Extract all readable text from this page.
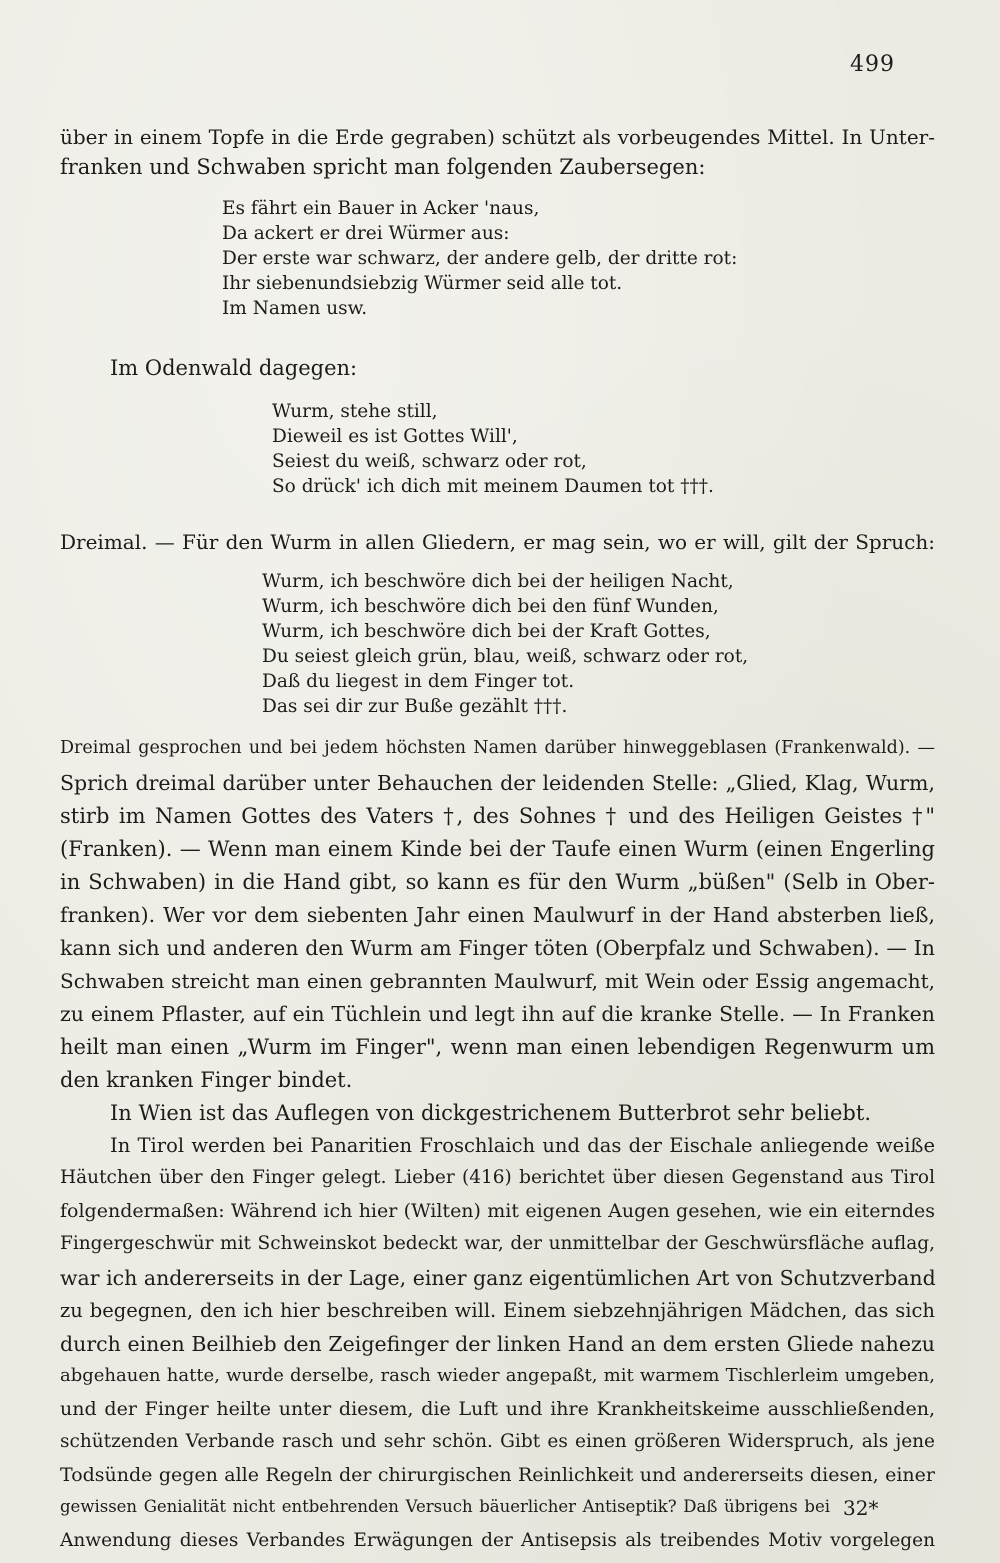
499
über in einem Topfe in die Erde gegraben) schützt als vorbeugendes Mittel. In Unter-
franken und Schwaben spricht man folgenden Zaubersegen:
Es fährt ein Bauer in Acker 'naus,
Da ackert er drei Würmer aus:
Der erste war schwarz, der andere gelb, der dritte rot:
Ihr siebenundsiebzig Würmer seid alle tot.
Im Namen usw.
Im Odenwald dagegen:
Wurm, stehe still,
Dieweil es ist Gottes Will',
Seiest du weiß, schwarz oder rot,
So drück' ich dich mit meinem Daumen tot †††.
Dreimal. — Für den Wurm in allen Gliedern, er mag sein, wo er will, gilt der Spruch:
Wurm, ich beschwöre dich bei der heiligen Nacht,
Wurm, ich beschwöre dich bei den fünf Wunden,
Wurm, ich beschwöre dich bei der Kraft Gottes,
Du seiest gleich grün, blau, weiß, schwarz oder rot,
Daß du liegest in dem Finger tot.
Das sei dir zur Buße gezählt †††.
Dreimal gesprochen und bei jedem höchsten Namen darüber hinweggeblasen (Frankenwald). —
Sprich dreimal darüber unter Behauchen der leidenden Stelle: „Glied, Klag, Wurm,
stirb im Namen Gottes des Vaters †, des Sohnes † und des Heiligen Geistes †"
(Franken). — Wenn man einem Kinde bei der Taufe einen Wurm (einen Engerling
in Schwaben) in die Hand gibt, so kann es für den Wurm „büßen" (Selb in Ober-
franken). Wer vor dem siebenten Jahr einen Maulwurf in der Hand absterben ließ,
kann sich und anderen den Wurm am Finger töten (Oberpfalz und Schwaben). — In
Schwaben streicht man einen gebrannten Maulwurf, mit Wein oder Essig angemacht,
zu einem Pflaster, auf ein Tüchlein und legt ihn auf die kranke Stelle. — In Franken
heilt man einen „Wurm im Finger", wenn man einen lebendigen Regenwurm um
den kranken Finger bindet.
In Wien ist das Auflegen von dickgestrichenem Butterbrot sehr beliebt.
In Tirol werden bei Panaritien Froschlaich und das der Eischale anliegende weiße
Häutchen über den Finger gelegt. Lieber (416) berichtet über diesen Gegenstand aus Tirol
folgendermaßen: Während ich hier (Wilten) mit eigenen Augen gesehen, wie ein eiterndes
Fingergeschwür mit Schweinskot bedeckt war, der unmittelbar der Geschwürsfläche auflag,
war ich andererseits in der Lage, einer ganz eigentümlichen Art von Schutzverband
zu begegnen, den ich hier beschreiben will. Einem siebzehnjährigen Mädchen, das sich
durch einen Beilhieb den Zeigefinger der linken Hand an dem ersten Gliede nahezu
abgehauen hatte, wurde derselbe, rasch wieder angepaßt, mit warmem Tischlerleim umgeben,
und der Finger heilte unter diesem, die Luft und ihre Krankheitskeime ausschließenden,
schützenden Verbande rasch und sehr schön. Gibt es einen größeren Widerspruch, als jene
Todsünde gegen alle Regeln der chirurgischen Reinlichkeit und andererseits diesen, einer
gewissen Genialität nicht entbehrenden Versuch bäuerlicher Antiseptik? Daß übrigens bei
Anwendung dieses Verbandes Erwägungen der Antisepsis als treibendes Motiv vorgelegen
32*
